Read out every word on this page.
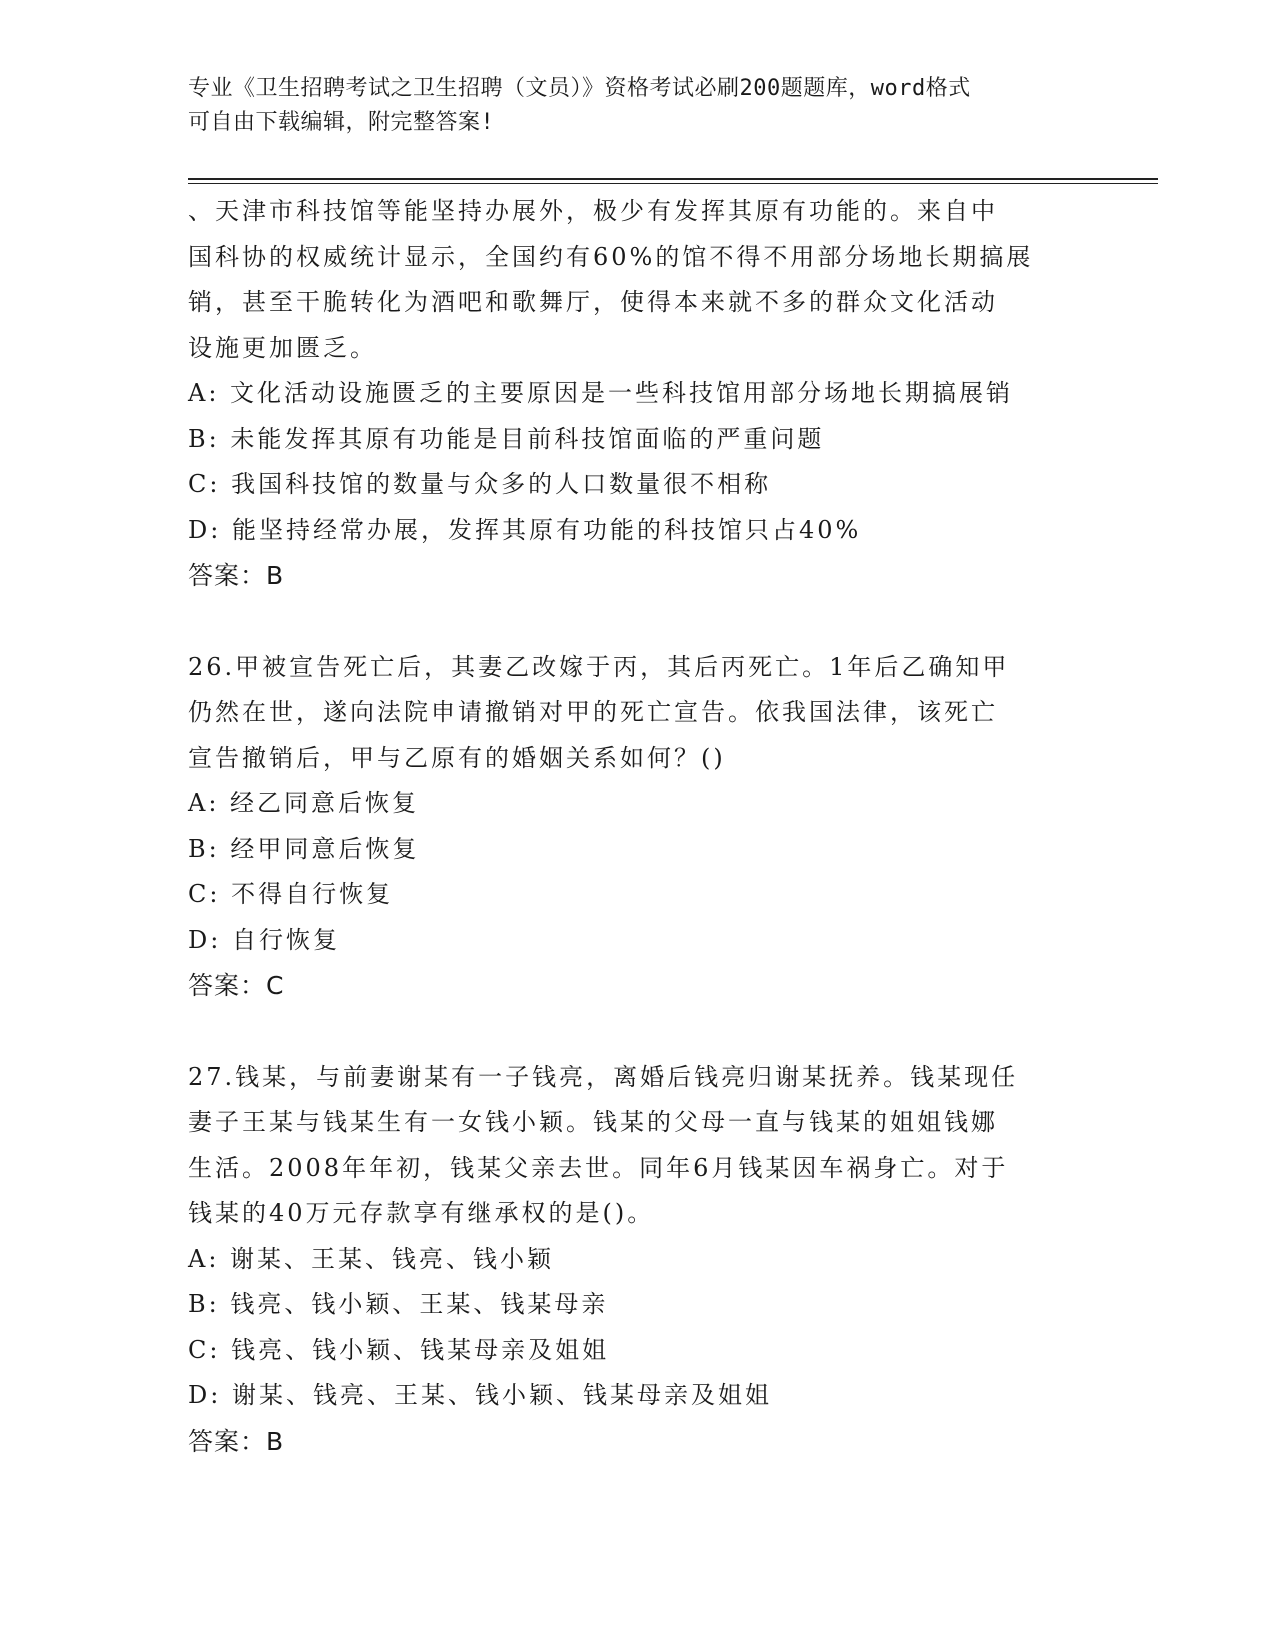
专业《卫生招聘考试之卫生招聘（文员）》资格考试必刷200题题库，word格式
可自由下载编辑，附完整答案!
、天津市科技馆等能坚持办展外，极少有发挥其原有功能的。来自中
国科协的权威统计显示，全国约有60%的馆不得不用部分场地长期搞展
销，甚至干脆转化为酒吧和歌舞厅，使得本来就不多的群众文化活动
设施更加匮乏。
A: 文化活动设施匮乏的主要原因是一些科技馆用部分场地长期搞展销
B: 未能发挥其原有功能是目前科技馆面临的严重问题
C: 我国科技馆的数量与众多的人口数量很不相称
D: 能坚持经常办展，发挥其原有功能的科技馆只占40%
答案：B
26.甲被宣告死亡后，其妻乙改嫁于丙，其后丙死亡。1年后乙确知甲
仍然在世，遂向法院申请撤销对甲的死亡宣告。依我国法律，该死亡
宣告撤销后，甲与乙原有的婚姻关系如何？()
A: 经乙同意后恢复
B: 经甲同意后恢复
C: 不得自行恢复
D: 自行恢复
答案：C
27.钱某，与前妻谢某有一子钱亮，离婚后钱亮归谢某抚养。钱某现任
妻子王某与钱某生有一女钱小颖。钱某的父母一直与钱某的姐姐钱娜
生活。2008年年初，钱某父亲去世。同年6月钱某因车祸身亡。对于
钱某的40万元存款享有继承权的是()。
A: 谢某、王某、钱亮、钱小颖
B: 钱亮、钱小颖、王某、钱某母亲
C: 钱亮、钱小颖、钱某母亲及姐姐
D: 谢某、钱亮、王某、钱小颖、钱某母亲及姐姐
答案：B
